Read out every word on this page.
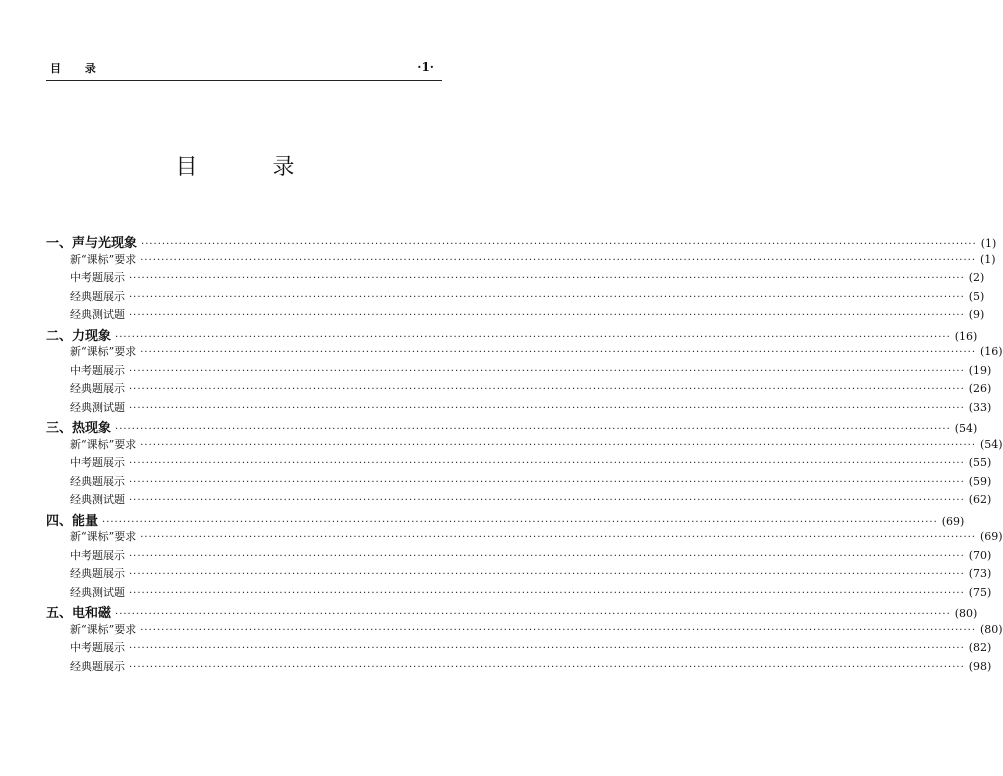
目 录	·1·
目 录
一、声与光现象 ········································································································································································································ (1)
新“课标”要求 ········································································································································································································ (1)
中考题展示 ········································································································································································································ (2)
经典题展示 ········································································································································································································ (5)
经典测试题 ········································································································································································································ (9)
二、力现象 ········································································································································································································ (16)
新“课标”要求 ········································································································································································································ (16)
中考题展示 ········································································································································································································ (19)
经典题展示 ········································································································································································································ (26)
经典测试题 ········································································································································································································ (33)
三、热现象 ········································································································································································································ (54)
新“课标”要求 ········································································································································································································ (54)
中考题展示 ········································································································································································································ (55)
经典题展示 ········································································································································································································ (59)
经典测试题 ········································································································································································································ (62)
四、能量 ········································································································································································································ (69)
新“课标”要求 ········································································································································································································ (69)
中考题展示 ········································································································································································································ (70)
经典题展示 ········································································································································································································ (73)
经典测试题 ········································································································································································································ (75)
五、电和磁 ········································································································································································································ (80)
新“课标”要求 ········································································································································································································ (80)
中考题展示 ········································································································································································································ (82)
经典题展示 ········································································································································································································ (98)
